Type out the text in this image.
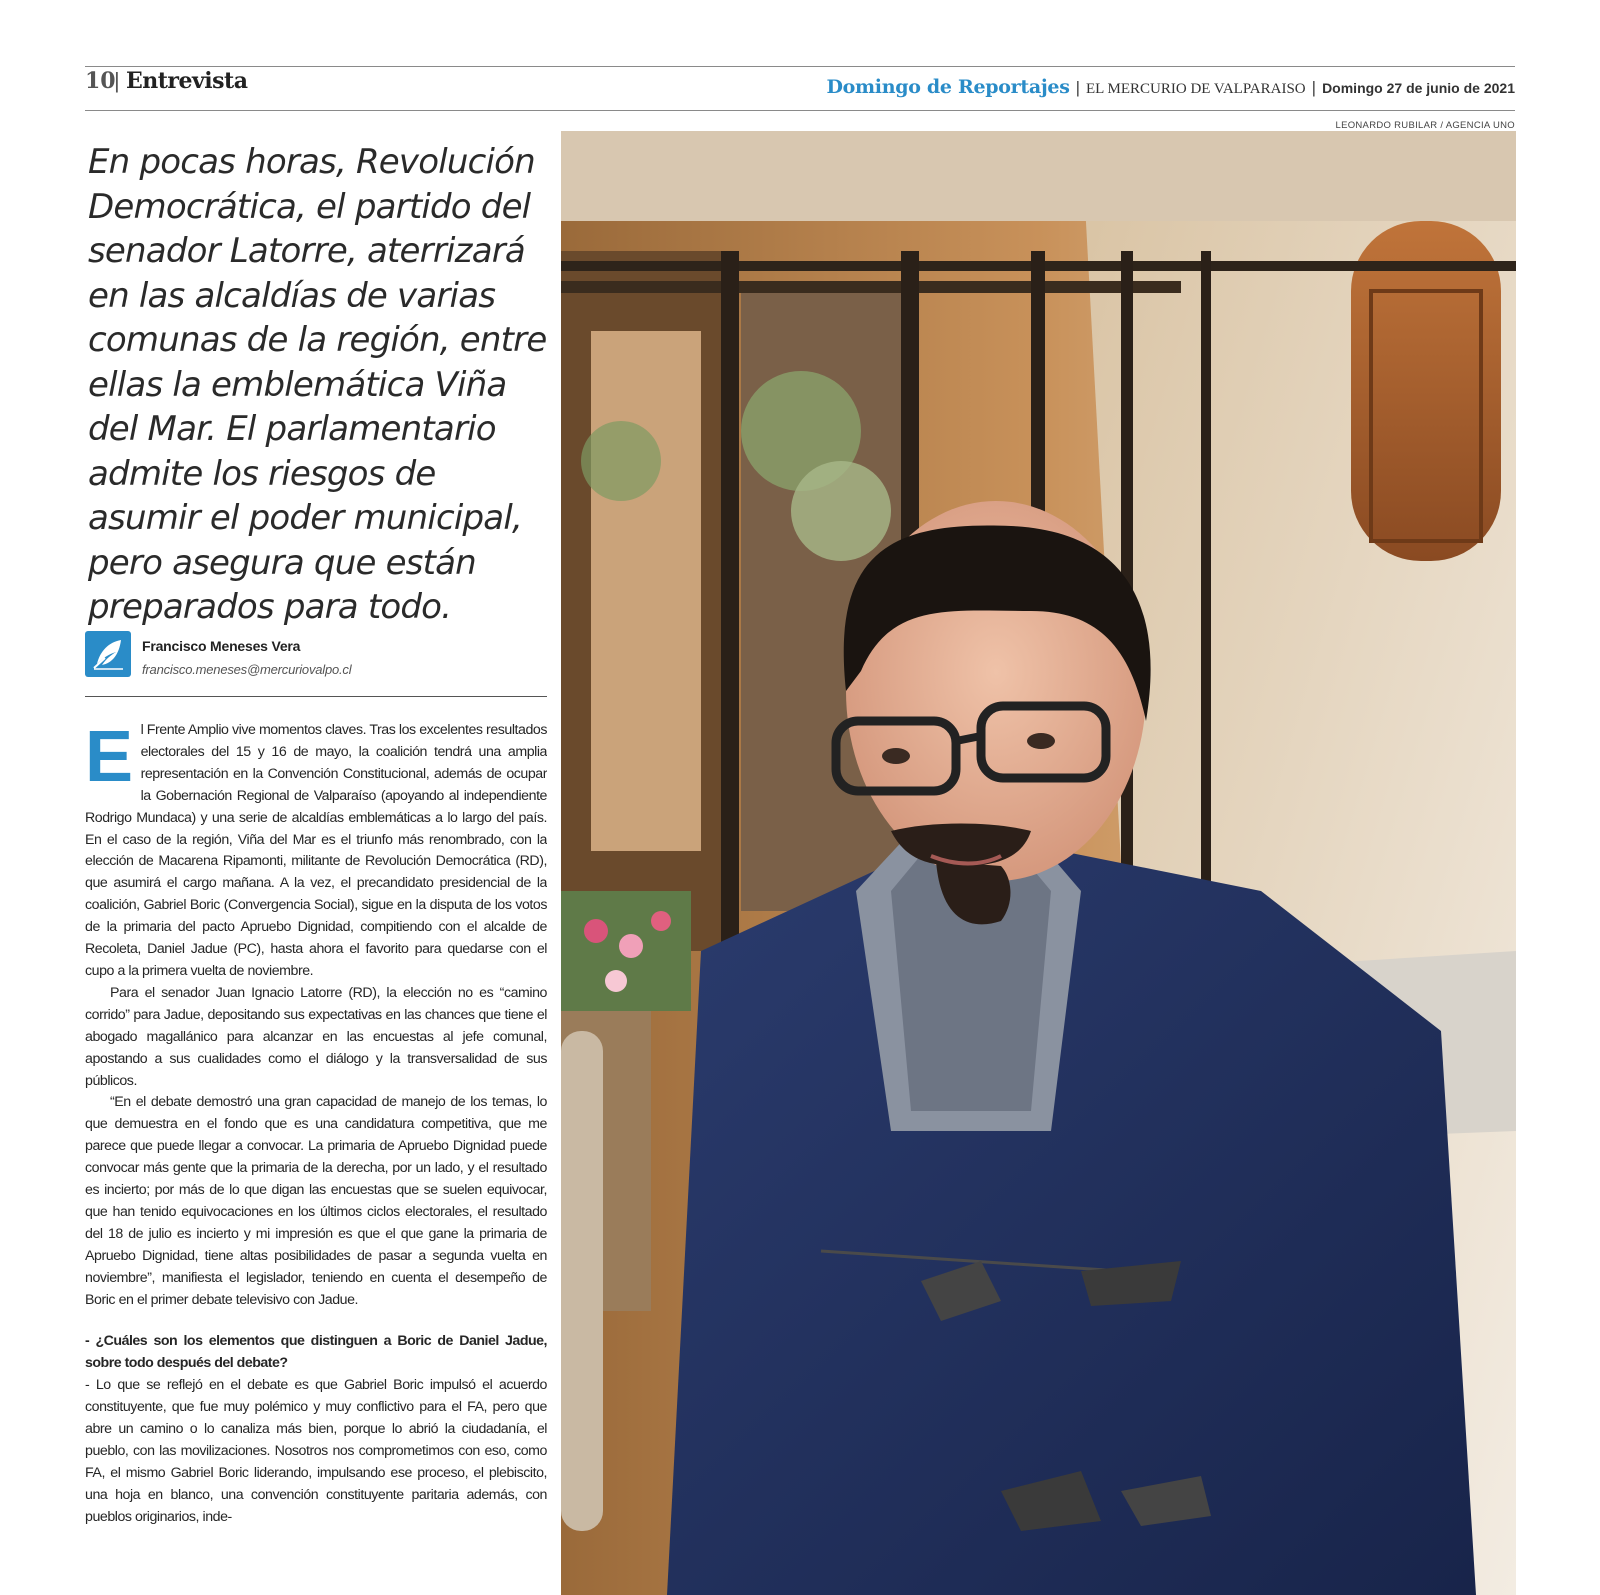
10
| Entrevista	Domingo de Reportajes | EL MERCURIO DE VALPARAISO | Domingo 27 de junio de 2021
LEONARDO RUBILAR / AGENCIA UNO

En pocas horas, Revolución Democrática, el partido del senador Latorre, aterrizará en las alcaldías de varias comunas de la región, entre ellas la emblemática Viña del Mar. El parlamentario admite los riesgos de asumir el poder municipal, pero asegura que están preparados para todo.

Francisco Meneses Vera
francisco.meneses@mercuriovalpo.cl

El Frente Amplio vive momentos claves. Tras los excelentes resultados electorales del 15 y 16 de mayo, la coalición tendrá una amplia representación en la Convención Constitucional, además de ocupar la Gobernación Regional de Valparaíso (apoyando al independiente Rodrigo Mundaca) y una serie de alcaldías emblemáticas a lo largo del país. En el caso de la región, Viña del Mar es el triunfo más renombrado, con la elección de Macarena Ripamonti, militante de Revolución Democrática (RD), que asumirá el cargo mañana. A la vez, el precandidato presidencial de la coalición, Gabriel Boric (Convergencia Social), sigue en la disputa de los votos de la primaria del pacto Apruebo Dignidad, compitiendo con el alcalde de Recoleta, Daniel Jadue (PC), hasta ahora el favorito para quedarse con el cupo a la primera vuelta de noviembre.

Para el senador Juan Ignacio Latorre (RD), la elección no es “camino corrido” para Jadue, depositando sus expectativas en las chances que tiene el abogado magallánico para alcanzar en las encuestas al jefe comunal, apostando a sus cualidades como el diálogo y la transversalidad de sus públicos.

“En el debate demostró una gran capacidad de manejo de los temas, lo que demuestra en el fondo que es una candidatura competitiva, que me parece que puede llegar a convocar. La primaria de Apruebo Dignidad puede convocar más gente que la primaria de la derecha, por un lado, y el resultado es incierto; por más de lo que digan las encuestas que se suelen equivocar, que han tenido equivocaciones en los últimos ciclos electorales, el resultado del 18 de julio es incierto y mi impresión es que el que gane la primaria de Apruebo Dignidad, tiene altas posibilidades de pasar a segunda vuelta en noviembre”, manifiesta el legislador, teniendo en cuenta el desempeño de Boric en el primer debate televisivo con Jadue.

- ¿Cuáles son los elementos que distinguen a Boric de Daniel Jadue, sobre todo después del debate?

- Lo que se reflejó en el debate es que Gabriel Boric impulsó el acuerdo constituyente, que fue muy polémico y muy conflictivo para el FA, pero que abre un camino o lo canaliza más bien, porque lo abrió la ciudadanía, el pueblo, con las movilizaciones. Nosotros nos comprometimos con eso, como FA, el mismo Gabriel Boric liderando, impulsando ese proceso, el plebiscito, una hoja en blanco, una convención constituyente paritaria además, con pueblos originarios, inde-
